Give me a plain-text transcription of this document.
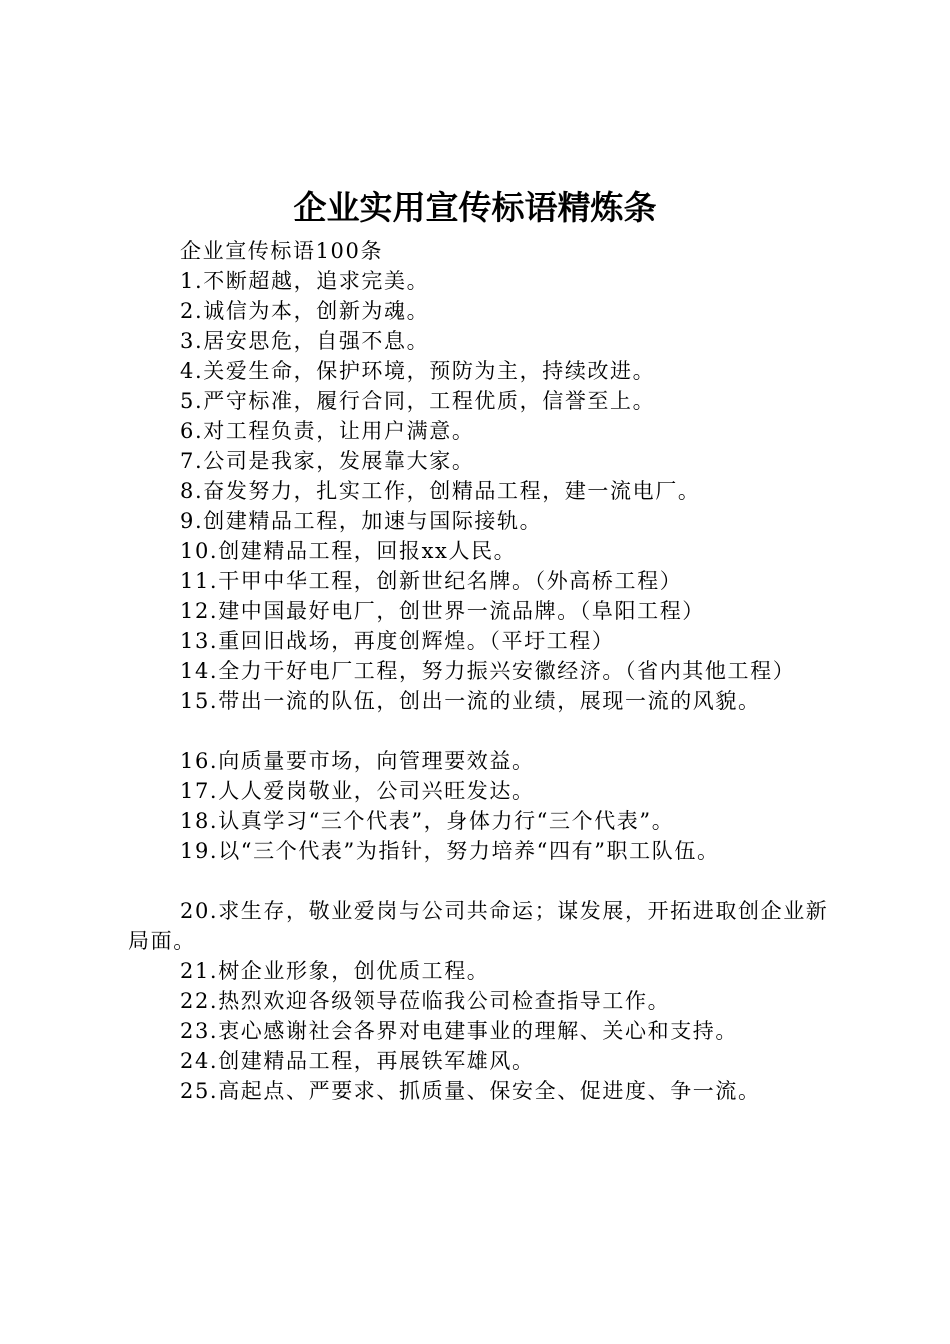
企业实用宣传标语精炼条

企业宣传标语100条

1.不断超越，追求完美。

2.诚信为本，创新为魂。

3.居安思危，自强不息。

4.关爱生命，保护环境，预防为主，持续改进。

5.严守标准，履行合同，工程优质，信誉至上。

6.对工程负责，让用户满意。

7.公司是我家，发展靠大家。

8.奋发努力，扎实工作，创精品工程，建一流电厂。

9.创建精品工程，加速与国际接轨。

10.创建精品工程，回报xx人民。

11.干甲中华工程，创新世纪名牌。（外高桥工程）

12.建中国最好电厂，创世界一流品牌。（阜阳工程）

13.重回旧战场，再度创辉煌。（平圩工程）

14.全力干好电厂工程，努力振兴安徽经济。（省内其他工程）

15.带出一流的队伍，创出一流的业绩，展现一流的风貌。

16.向质量要市场，向管理要效益。

17.人人爱岗敬业，公司兴旺发达。

18.认真学习“三个代表”，身体力行“三个代表”。

19.以“三个代表”为指针，努力培养“四有”职工队伍。

20.求生存，敬业爱岗与公司共命运；谋发展，开拓进取创企业新局面。

21.树企业形象，创优质工程。

22.热烈欢迎各级领导莅临我公司检查指导工作。

23.衷心感谢社会各界对电建事业的理解、关心和支持。

24.创建精品工程，再展铁军雄风。

25.高起点、严要求、抓质量、保安全、促进度、争一流。
